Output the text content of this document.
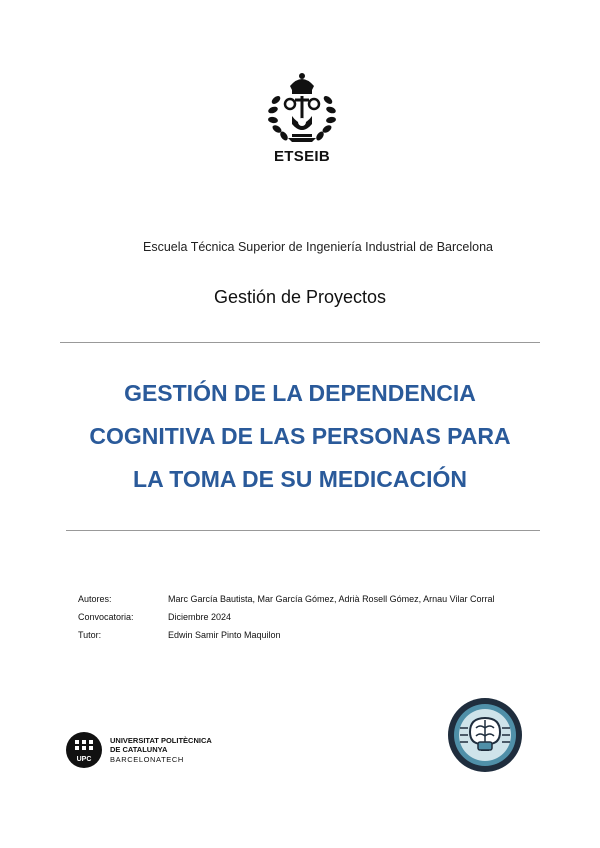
ETSEIB
Escuela Técnica Superior de Ingeniería Industrial de Barcelona
Gestión de Proyectos
GESTIÓN DE LA DEPENDENCIA
COGNITIVA DE LAS PERSONAS PARA
LA TOMA DE SU MEDICACIÓN
Autores:	Marc García Bautista, Mar García Gómez, Adrià Rosell Gómez, Arnau Vilar Corral
Convocatoria:	Diciembre 2024
Tutor:	Edwin Samir Pinto Maquilon
UPC
UNIVERSITAT POLITÈCNICA
DE CATALUNYA
BARCELONATECH
